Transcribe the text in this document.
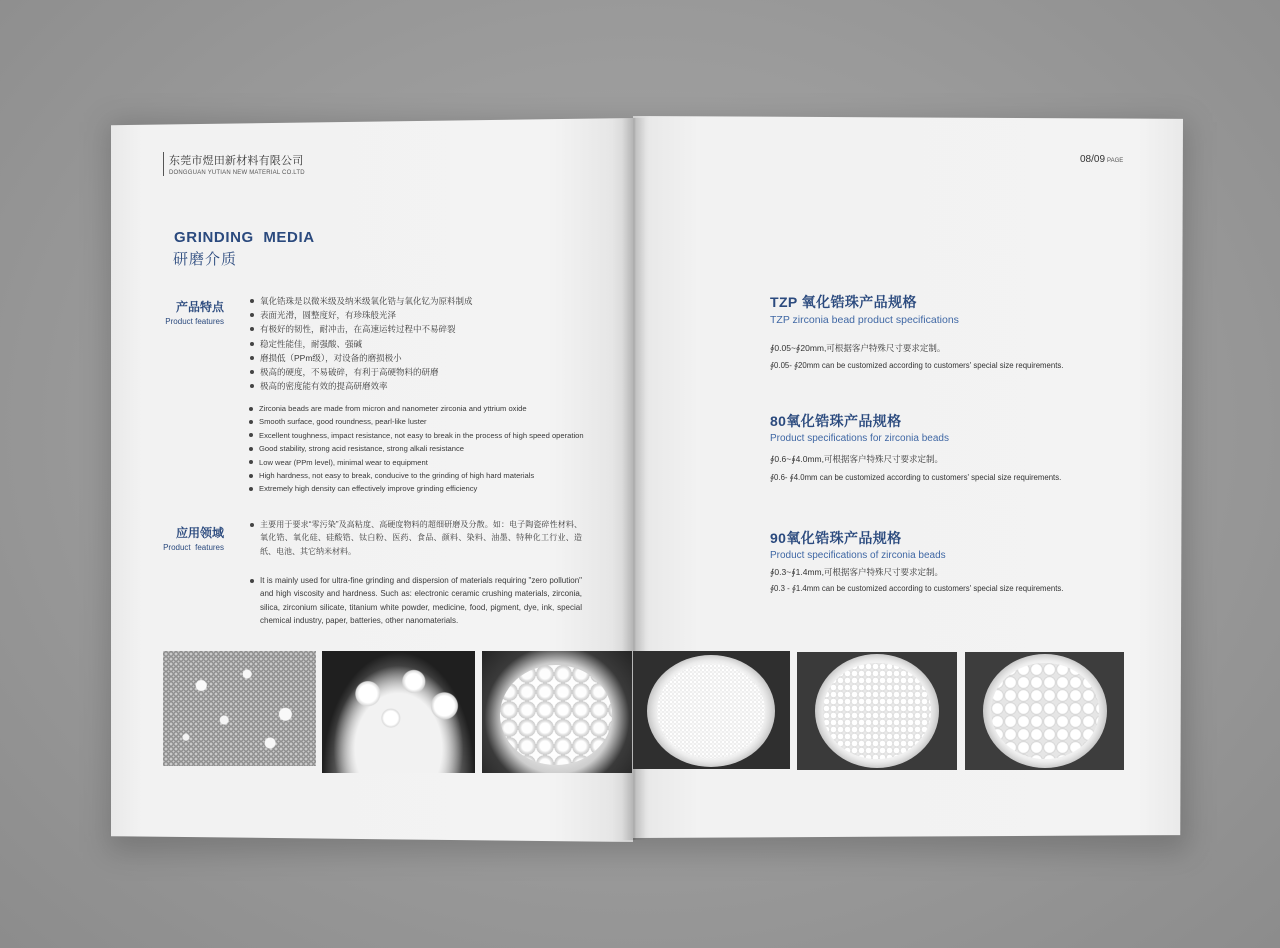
东莞市煜田新材料有限公司
DONGGUAN YUTIAN NEW MATERIAL CO.LTD
08/09 PAGE
GRINDING  MEDIA
研磨介质
产品特点
Product features
氧化锆珠是以微米级及纳米级氧化锆与氧化钇为原料制成
表面光滑，圆整度好，有珍珠般光泽
有极好的韧性，耐冲击，在高速运转过程中不易碎裂
稳定性能佳，耐强酸、强碱
磨损低（PPm级），对设备的磨损极小
极高的硬度，不易破碎，有利于高硬物料的研磨
极高的密度能有效的提高研磨效率
Zirconia beads are made from micron and nanometer zirconia and yttrium oxide
Smooth surface, good roundness, pearl-like luster
Excellent toughness, impact resistance, not easy to break in the process of high speed operation
Good stability, strong acid resistance, strong alkali resistance
Low wear (PPm level), minimal wear to equipment
High hardness, not easy to break, conducive to the grinding of high hard materials
Extremely high density can effectively improve grinding efficiency
应用领域
Product  features
主要用于要求“零污染”及高粘度、高硬度物料的超细研磨及分散。如：电子陶瓷碎性材料、氧化锆、氧化硅、硅酸锆、钛白粉、医药、食品、颜料、染料、油墨、特种化工行业、造纸、电池、其它纳米材料。
It is mainly used for ultra-fine grinding and dispersion of materials requiring "zero pollution" and high viscosity and hardness. Such as: electronic ceramic crushing materials, zirconia, silica, zirconium silicate, titanium white powder, medicine, food, pigment, dye, ink, special chemical industry, paper, batteries, other nanomaterials.
TZP 氧化锆珠产品规格
TZP zirconia bead product specifications
∮0.05~∮20mm,可根据客户特殊尺寸要求定制。
∮0.05- ∮20mm can be customized according to customers' special size requirements.
80氧化锆珠产品规格
Product specifications for zirconia beads
∮0.6~∮4.0mm,可根据客户特殊尺寸要求定制。
∮0.6- ∮4.0mm can be customized according to customers' special size requirements.
90氧化锆珠产品规格
Product specifications of zirconia beads
∮0.3~∮1.4mm,可根据客户特殊尺寸要求定制。
∮0.3 - ∮1.4mm can be customized according to customers' special size requirements.
